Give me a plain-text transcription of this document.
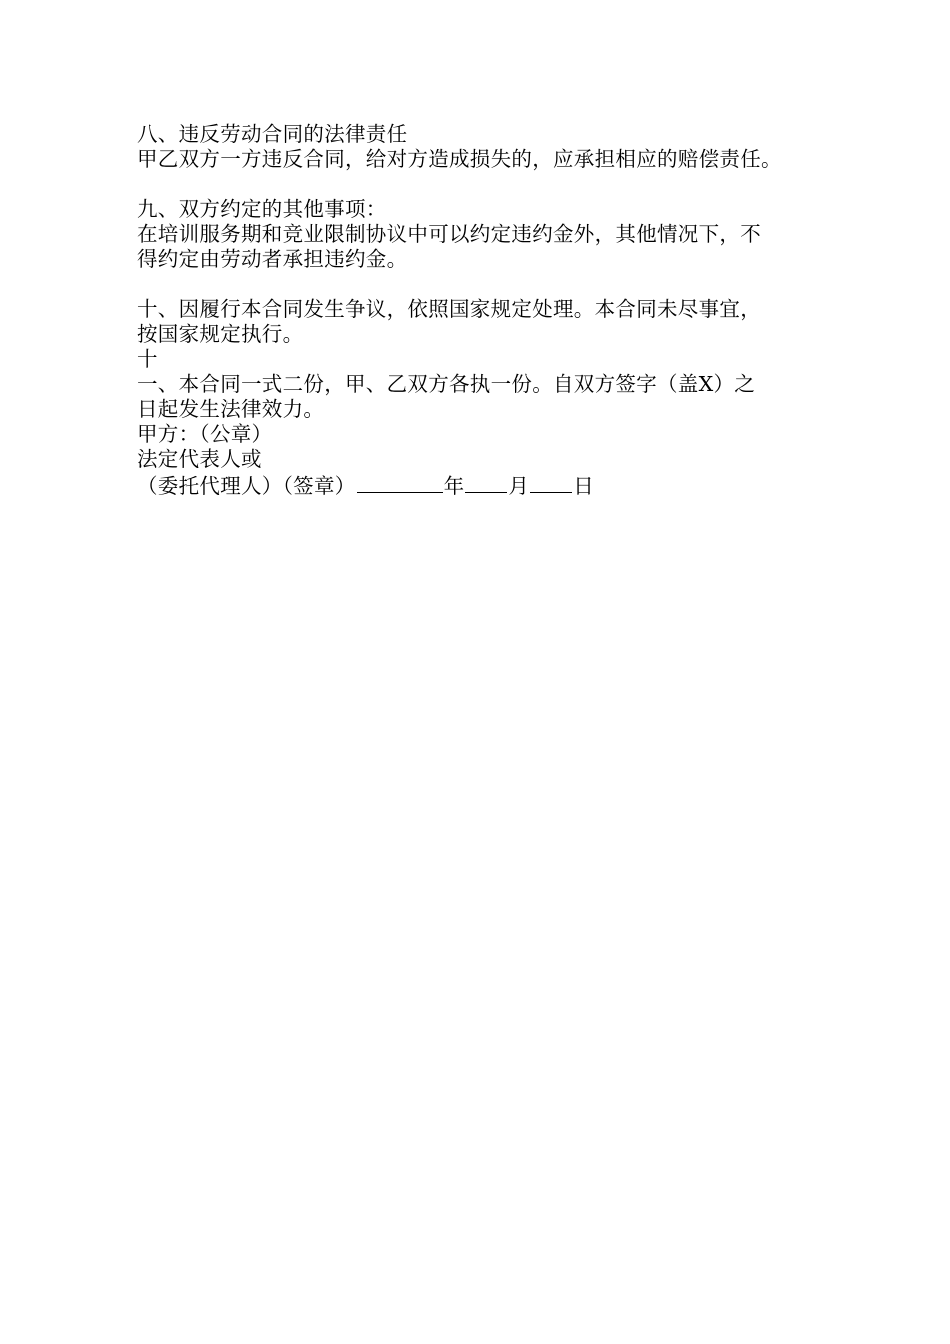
八、违反劳动合同的法律责任
甲乙双方一方违反合同，给对方造成损失的，应承担相应的赔偿责任。
九、双方约定的其他事项：
在培训服务期和竞业限制协议中可以约定违约金外，其他情况下，不
得约定由劳动者承担违约金。
十、因履行本合同发生争议，依照国家规定处理。本合同未尽事宜，
按国家规定执行。
十
一、本合同一式二份，甲、乙双方各执一份。自双方签字（盖X）之
日起发生法律效力。
甲方：（公章）
法定代表人或
（委托代理人）（签章）	年 月 日
